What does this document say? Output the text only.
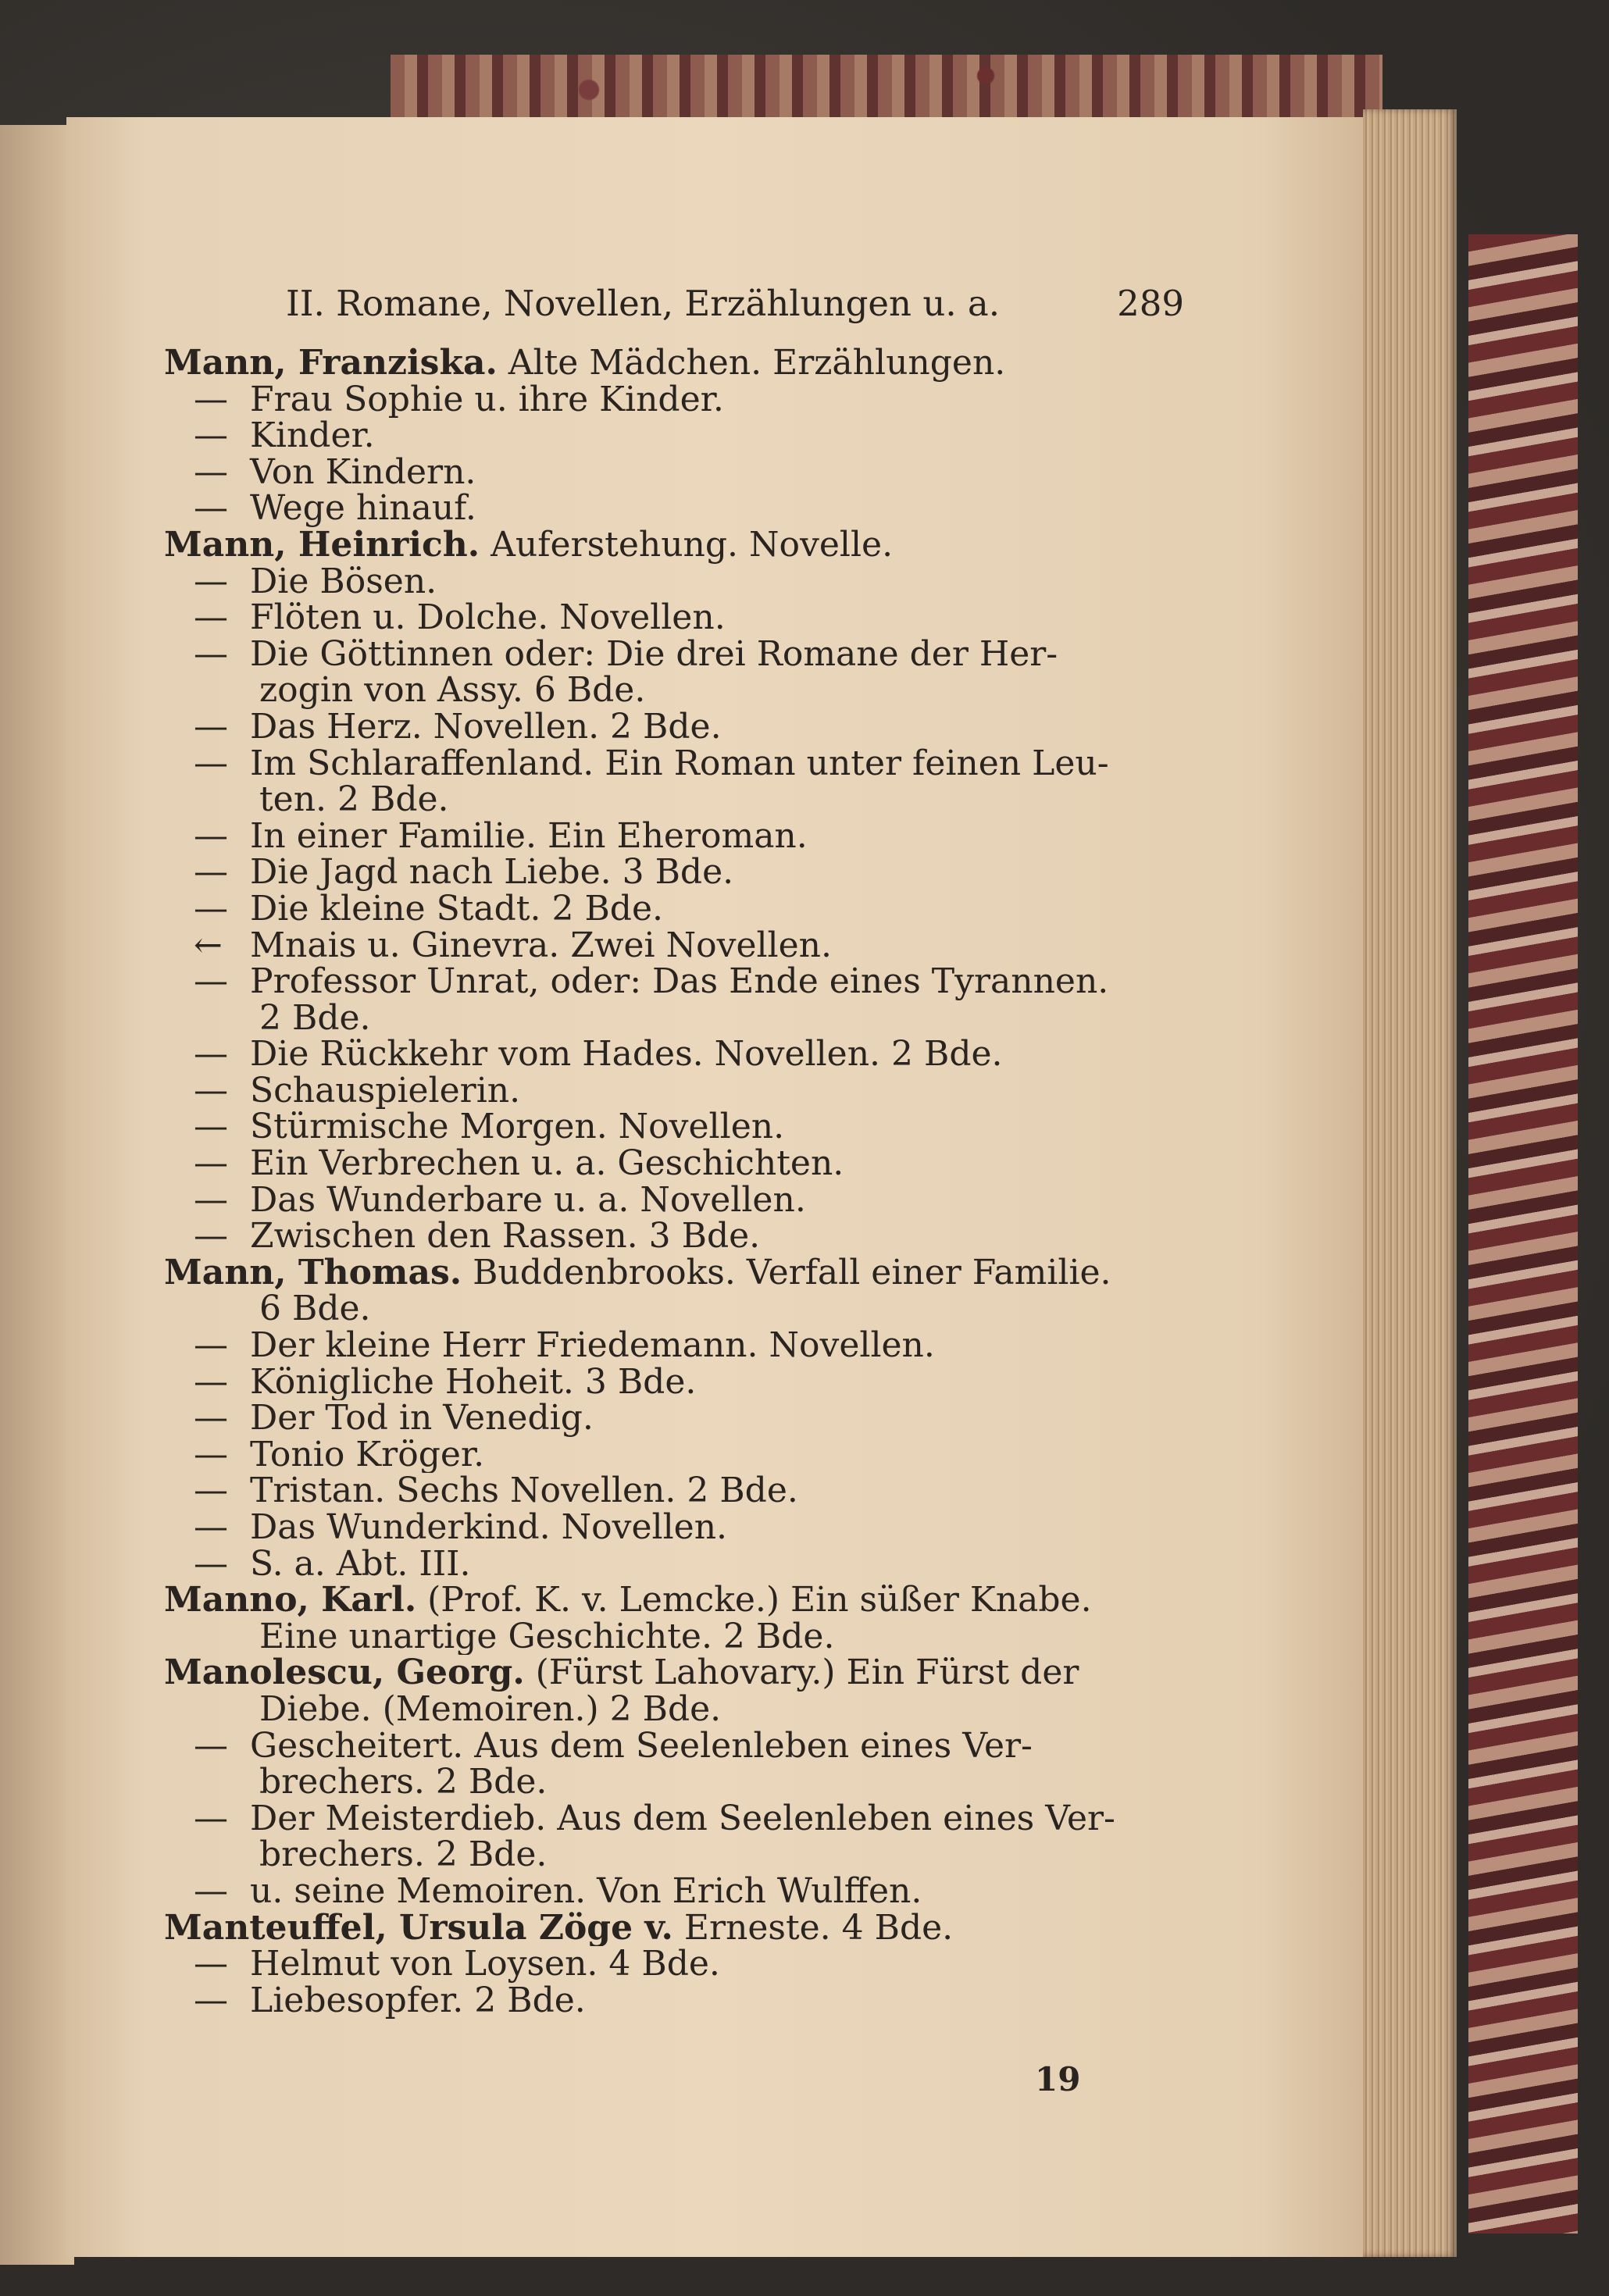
II. Romane, Novellen, Erzählungen u. a.	289
Mann, Franziska. Alte Mädchen. Erzählungen.
— Frau Sophie u. ihre Kinder.
— Kinder.
— Von Kindern.
— Wege hinauf.
Mann, Heinrich. Auferstehung. Novelle.
— Die Bösen.
— Flöten u. Dolche. Novellen.
— Die Göttinnen oder: Die drei Romane der Her-
zogin von Assy. 6 Bde.
— Das Herz. Novellen. 2 Bde.
— Im Schlaraffenland. Ein Roman unter feinen Leu-
ten. 2 Bde.
— In einer Familie. Ein Eheroman.
— Die Jagd nach Liebe. 3 Bde.
— Die kleine Stadt. 2 Bde.
← Mnais u. Ginevra. Zwei Novellen.
— Professor Unrat, oder: Das Ende eines Tyrannen.
2 Bde.
— Die Rückkehr vom Hades. Novellen. 2 Bde.
— Schauspielerin.
— Stürmische Morgen. Novellen.
— Ein Verbrechen u. a. Geschichten.
— Das Wunderbare u. a. Novellen.
— Zwischen den Rassen. 3 Bde.
Mann, Thomas. Buddenbrooks. Verfall einer Familie.
6 Bde.
— Der kleine Herr Friedemann. Novellen.
— Königliche Hoheit. 3 Bde.
— Der Tod in Venedig.
— Tonio Kröger.
— Tristan. Sechs Novellen. 2 Bde.
— Das Wunderkind. Novellen.
— S. a. Abt. III.
Manno, Karl. (Prof. K. v. Lemcke.) Ein süßer Knabe.
Eine unartige Geschichte. 2 Bde.
Manolescu, Georg. (Fürst Lahovary.) Ein Fürst der
Diebe. (Memoiren.) 2 Bde.
— Gescheitert. Aus dem Seelenleben eines Ver-
brechers. 2 Bde.
— Der Meisterdieb. Aus dem Seelenleben eines Ver-
brechers. 2 Bde.
— u. seine Memoiren. Von Erich Wulffen.
Manteuffel, Ursula Zöge v. Erneste. 4 Bde.
— Helmut von Loysen. 4 Bde.
— Liebesopfer. 2 Bde.
19
